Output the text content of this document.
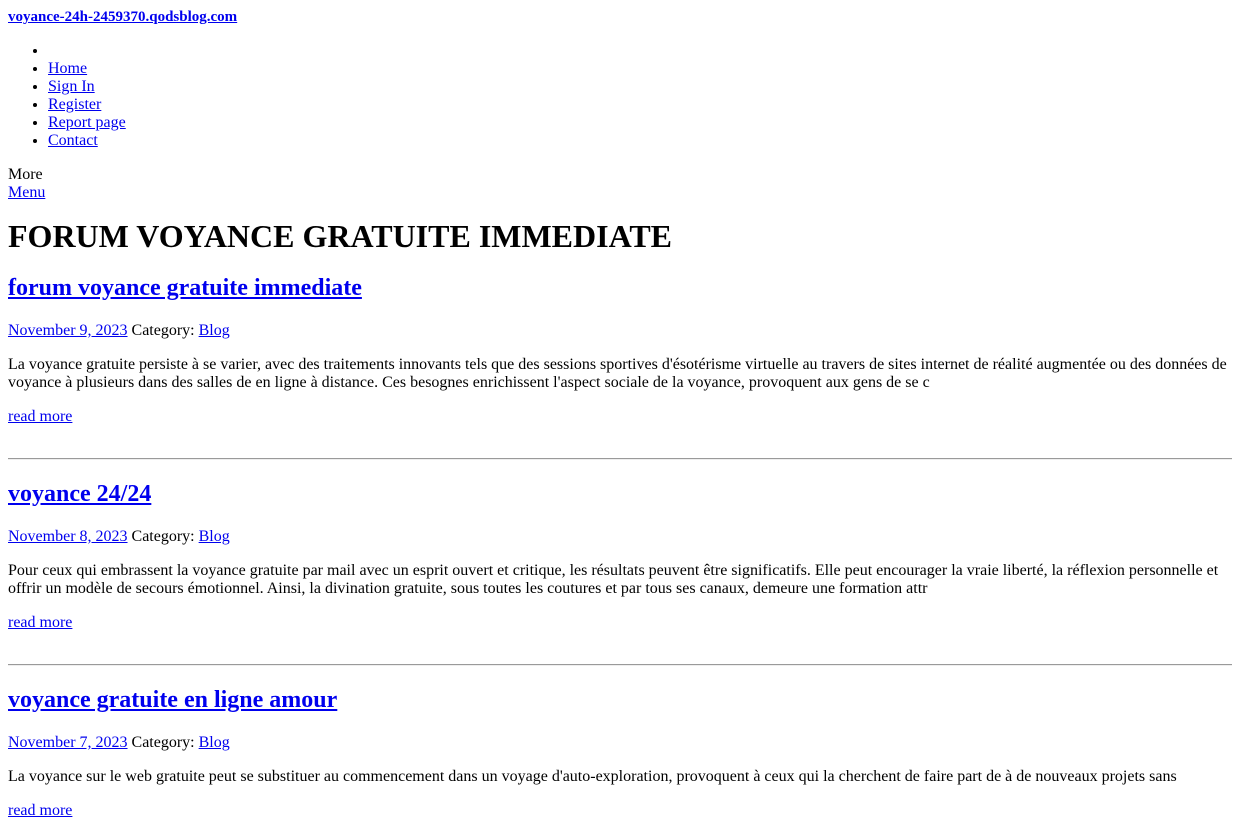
voyance-24h-2459370.qodsblog.com
•
• Home
• Sign In
• Register
• Report page
• Contact
More
Menu
FORUM VOYANCE GRATUITE IMMEDIATE
forum voyance gratuite immediate
November 9, 2023 Category: Blog

La voyance gratuite persiste à se varier, avec des traitements innovants tels que des sessions sportives d'ésotérisme virtuelle au travers de sites internet de réalité augmentée ou des données de voyance à plusieurs dans des salles de en ligne à distance. Ces besognes enrichissent l'aspect sociale de la voyance, provoquent aux gens de se c

read more
voyance 24/24
November 8, 2023 Category: Blog

Pour ceux qui embrassent la voyance gratuite par mail avec un esprit ouvert et critique, les résultats peuvent être significatifs. Elle peut encourager la vraie liberté, la réflexion personnelle et offrir un modèle de secours émotionnel. Ainsi, la divination gratuite, sous toutes les coutures et par tous ses canaux, demeure une formation attr

read more
voyance gratuite en ligne amour
November 7, 2023 Category: Blog

La voyance sur le web gratuite peut se substituer au commencement dans un voyage d'auto-exploration, provoquent à ceux qui la cherchent de faire part de à de nouveaux projets sans

read more
